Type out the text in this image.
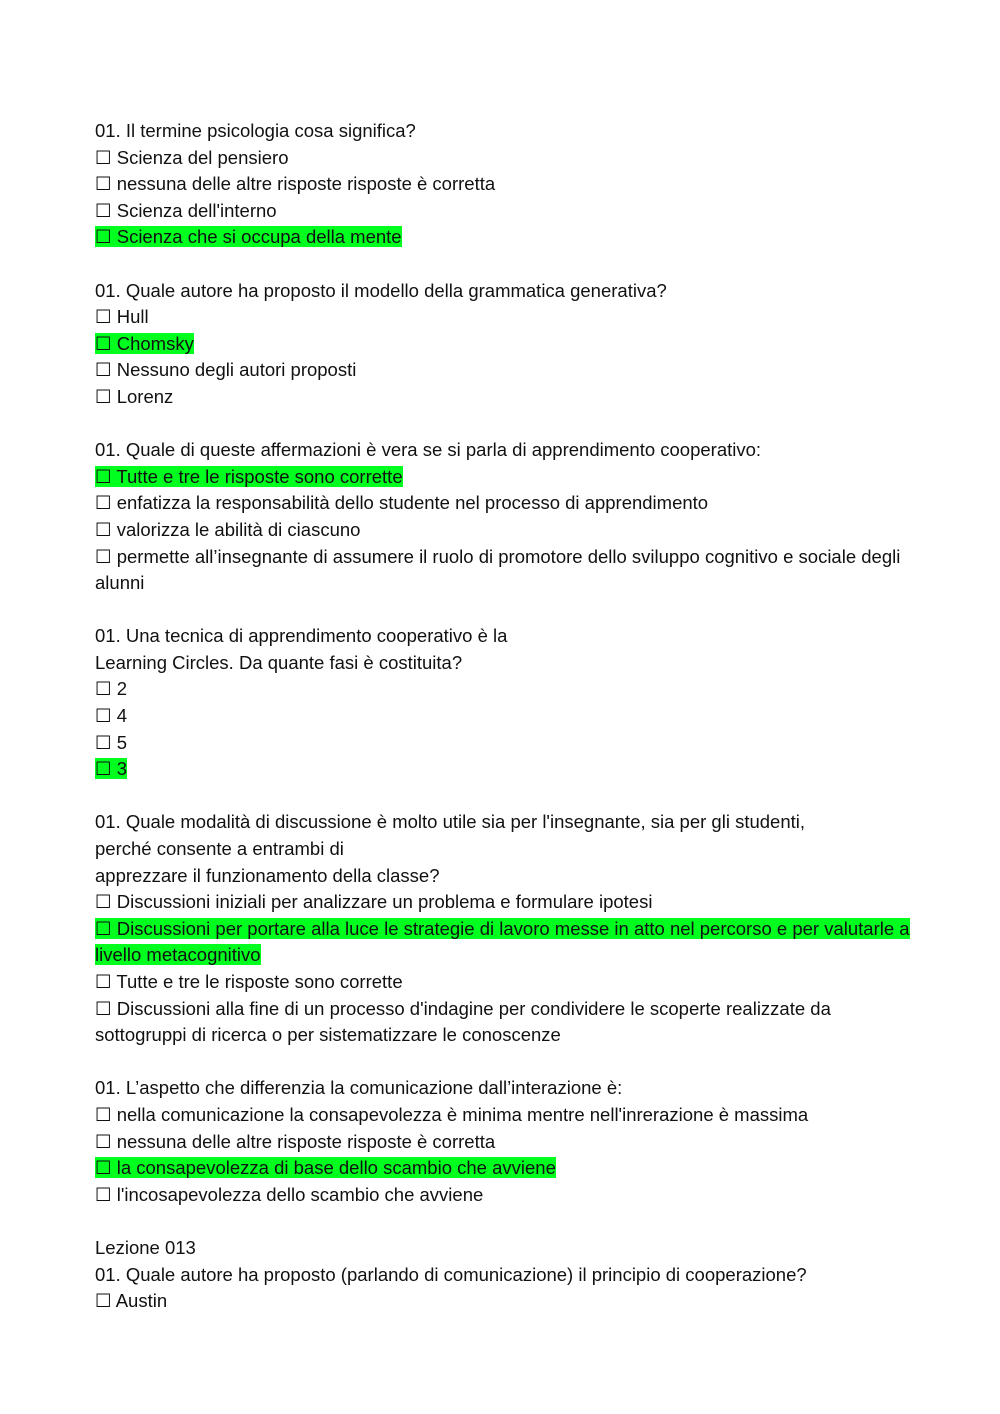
01. Il termine psicologia cosa significa?
☐ Scienza del pensiero
☐ nessuna delle altre risposte risposte è corretta
☐ Scienza dell'interno
☐ Scienza che si occupa della mente
01. Quale autore ha proposto il modello della grammatica generativa?
☐ Hull
☐ Chomsky
☐ Nessuno degli autori proposti
☐ Lorenz
01. Quale di queste affermazioni è vera se si parla di apprendimento cooperativo:
☐ Tutte e tre le risposte sono corrette
☐ enfatizza la responsabilità dello studente nel processo di apprendimento
☐ valorizza le abilità di ciascuno
☐ permette all’insegnante di assumere il ruolo di promotore dello sviluppo cognitivo e sociale degli alunni
01. Una tecnica di apprendimento cooperativo è la
Learning Circles. Da quante fasi è costituita?
☐ 2
☐ 4
☐ 5
☐ 3
01. Quale modalità di discussione è molto utile sia per l'insegnante, sia per gli studenti,
perché consente a entrambi di
apprezzare il funzionamento della classe?
☐ Discussioni iniziali per analizzare un problema e formulare ipotesi
☐ Discussioni per portare alla luce le strategie di lavoro messe in atto nel percorso e per valutarle a livello metacognitivo
☐ Tutte e tre le risposte sono corrette
☐ Discussioni alla fine di un processo d'indagine per condividere le scoperte realizzate da sottogruppi di ricerca o per sistematizzare le conoscenze
01. L’aspetto che differenzia la comunicazione dall’interazione è:
☐ nella comunicazione la consapevolezza è minima mentre nell'inrerazione è massima
☐ nessuna delle altre risposte risposte è corretta
☐ la consapevolezza di base dello scambio che avviene
☐ l'incosapevolezza dello scambio che avviene
Lezione 013
01. Quale autore ha proposto (parlando di comunicazione) il principio di cooperazione?
☐ Austin
